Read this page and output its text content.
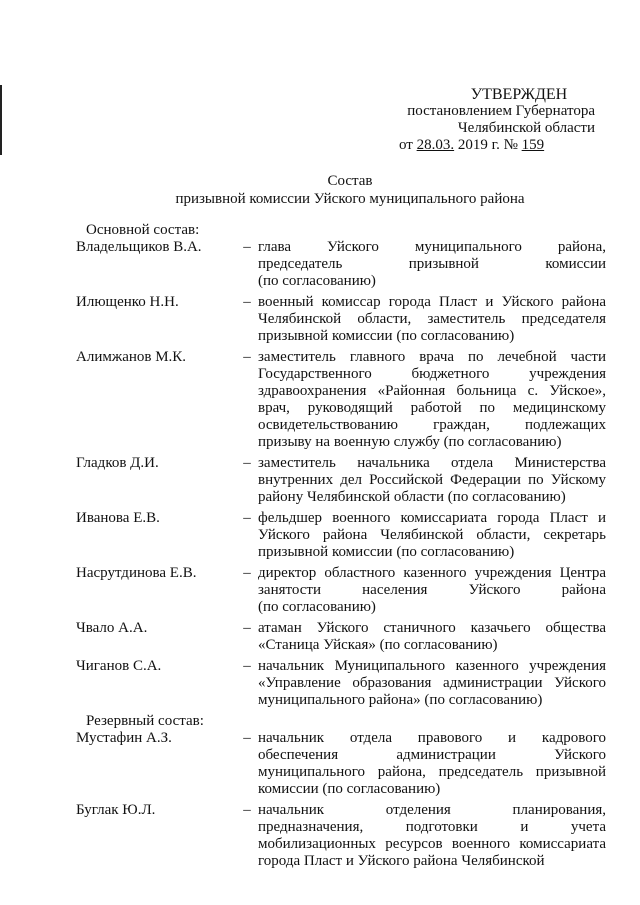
УТВЕРЖДЕН
постановлением Губернатора
Челябинской области
от 28.03. 2019 г. № 159
Состав
призывной комиссии Уйского муниципального района
Основной состав:
Владельщиков В.А.	– глава Уйского муниципального района,
председатель призывной комиссии
(по согласованию)
Илющенко Н.Н.	– военный комиссар города Пласт и Уйского района
Челябинской области, заместитель председателя
призывной комиссии (по согласованию)
Алимжанов М.К.	– заместитель главного врача по лечебной части
Государственного бюджетного учреждения
здравоохранения «Районная больница с. Уйское»,
врач, руководящий работой по медицинскому
освидетельствованию граждан, подлежащих
призыву на военную службу (по согласованию)
Гладков Д.И.	– заместитель начальника отдела Министерства
внутренних дел Российской Федерации по Уйскому
району Челябинской области (по согласованию)
Иванова Е.В.	– фельдшер военного комиссариата города Пласт и
Уйского района Челябинской области, секретарь
призывной комиссии (по согласованию)
Насрутдинова Е.В.	– директор областного казенного учреждения Центра
занятости населения Уйского района
(по согласованию)
Чвало А.А.	– атаман Уйского станичного казачьего общества
«Станица Уйская» (по согласованию)
Чиганов С.А.	– начальник Муниципального казенного учреждения
«Управление образования администрации Уйского
муниципального района» (по согласованию)
Резервный состав:
Мустафин А.З.	– начальник отдела правового и кадрового
обеспечения администрации Уйского
муниципального района, председатель призывной
комиссии (по согласованию)
Буглак Ю.Л.	– начальник отделения планирования,
предназначения, подготовки и учета
мобилизационных ресурсов военного комиссариата
города Пласт и Уйского района Челябинской
